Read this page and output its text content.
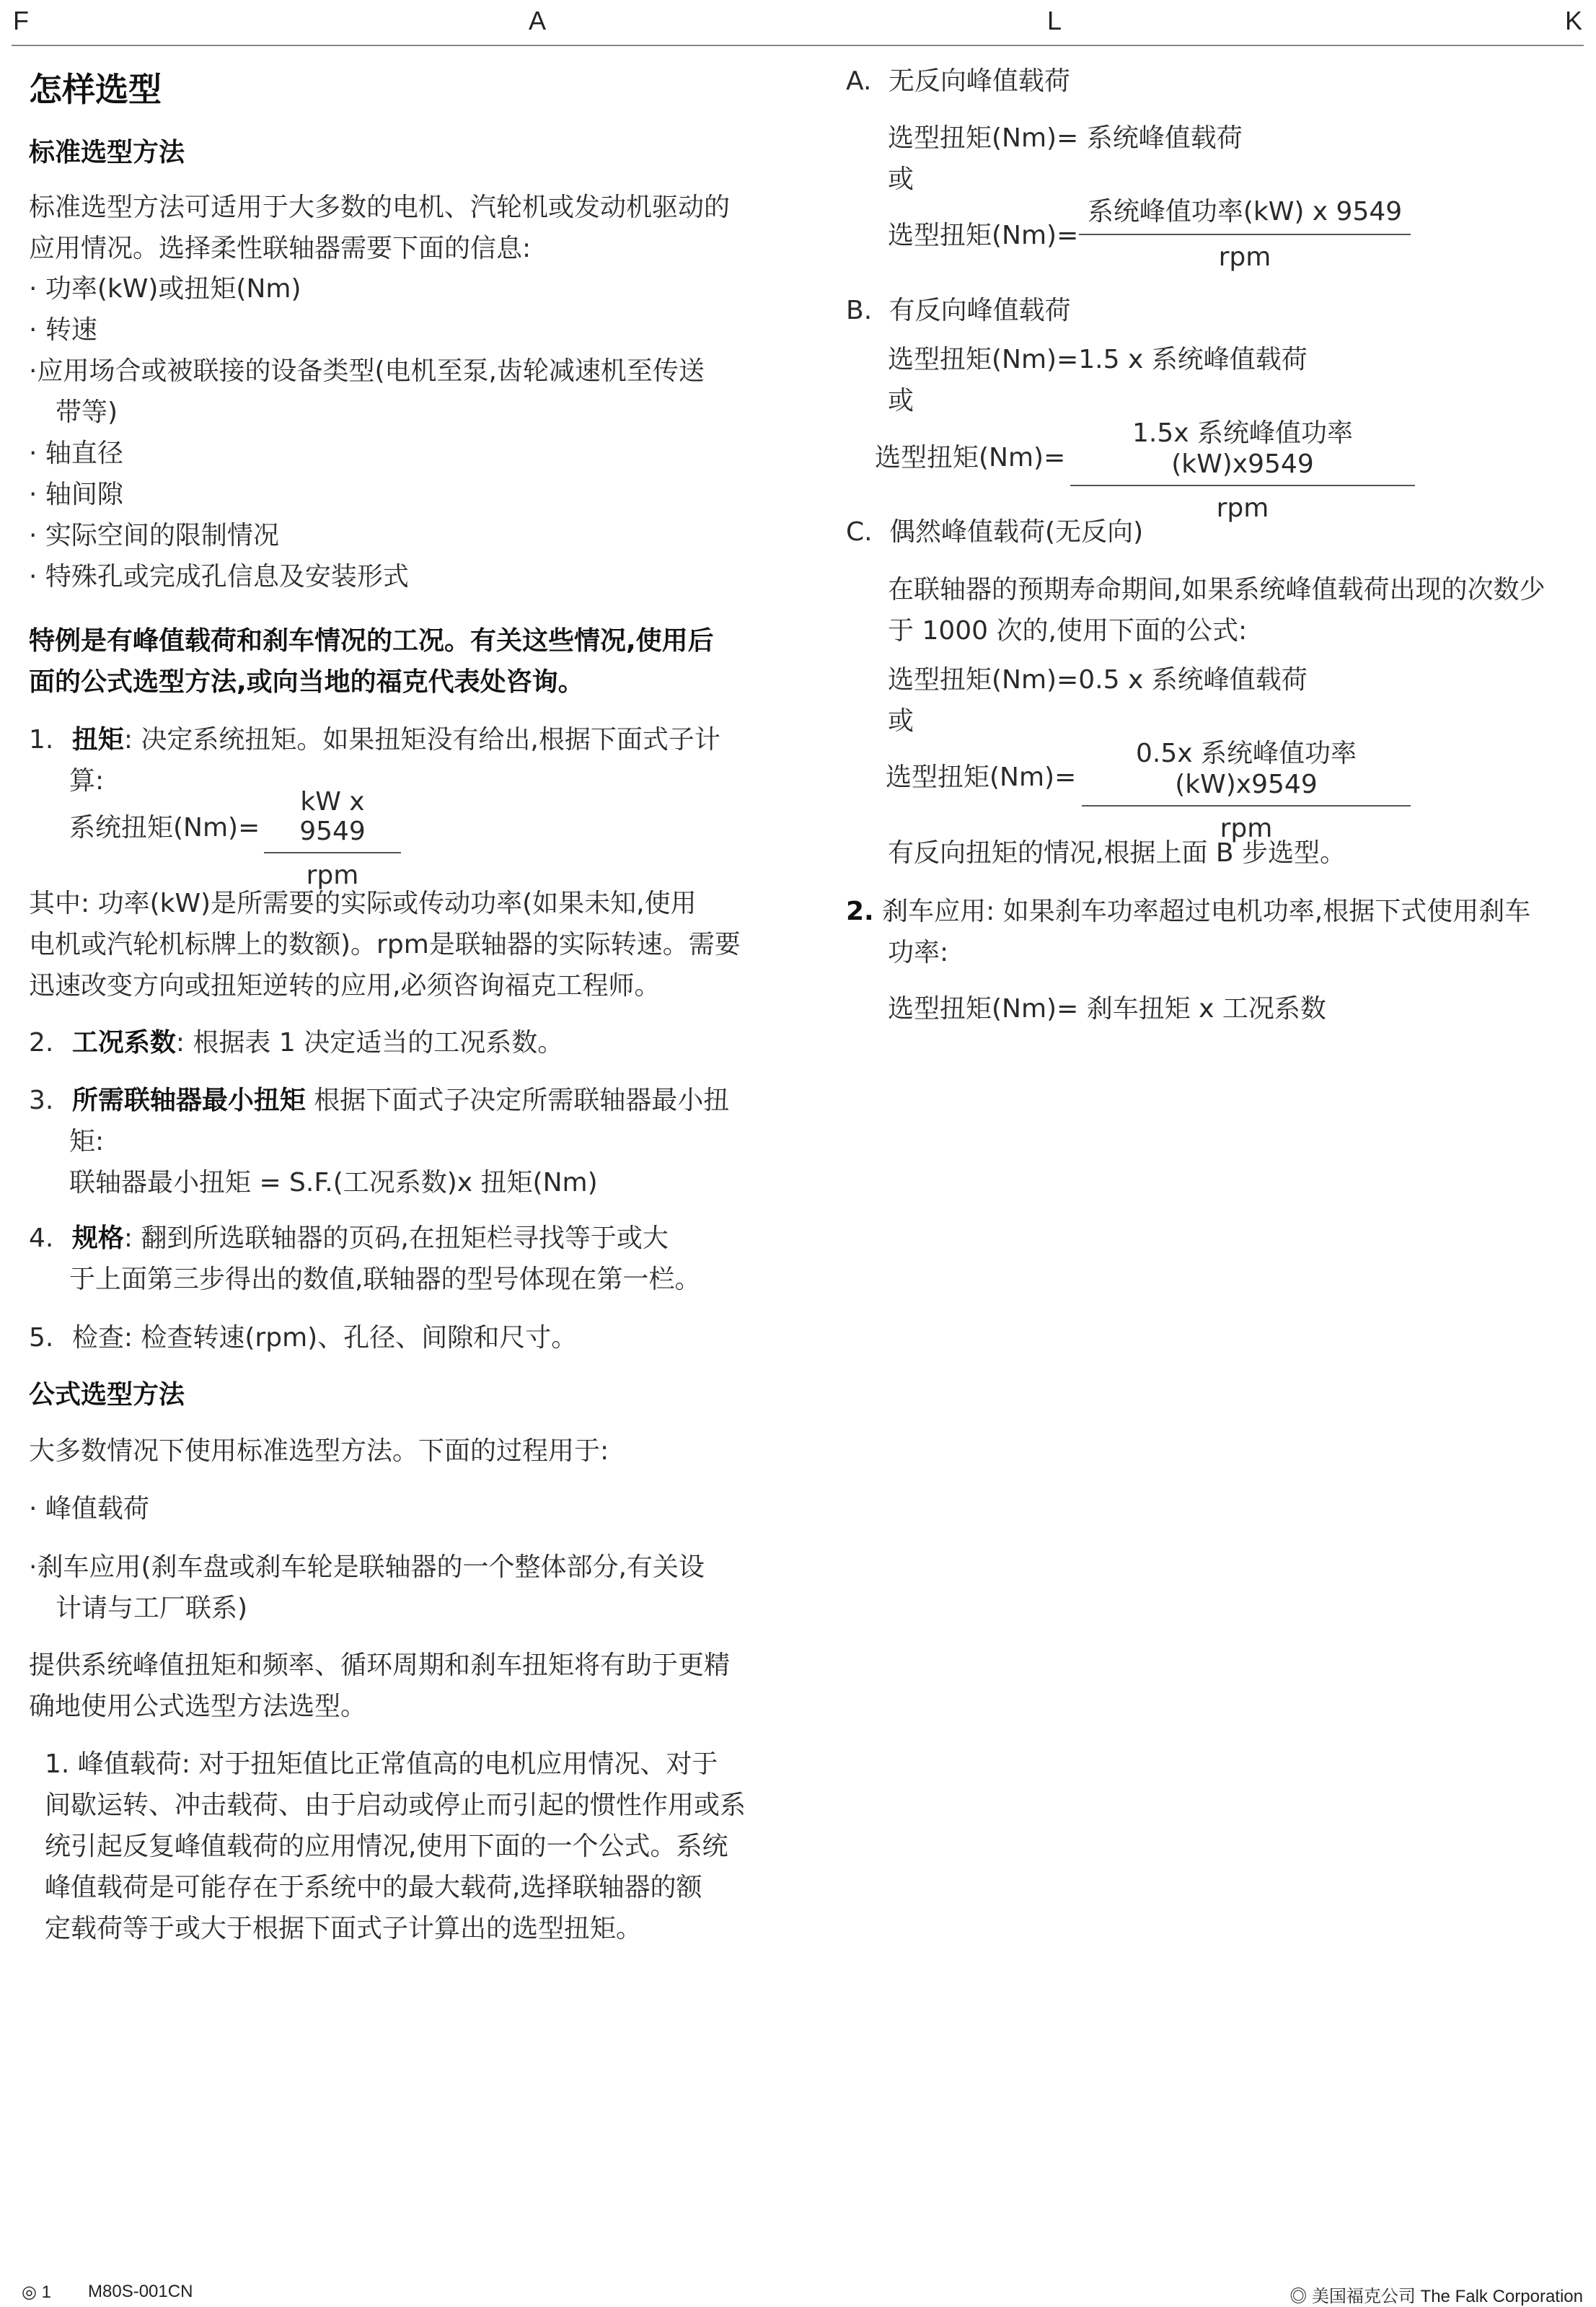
F	A	L	K
怎样选型
标准选型方法

标准选型方法可适用于大多数的电机、汽轮机或发动机驱动的

应用情况。选择柔性联轴器需要下面的信息:

· 功率(kW)或扭矩(Nm)

· 转速

·应用场合或被联接的设备类型(电机至泵,齿轮减速机至传送

带等)

· 轴直径

· 轴间隙

· 实际空间的限制情况

· 特殊孔或完成孔信息及安装形式

特例是有峰值载荷和刹车情况的工况。有关这些情况,使用后

面的公式选型方法,或向当地的福克代表处咨询。

1. 扭矩: 决定系统扭矩。如果扭矩没有给出,根据下面式子计

算:

系统扭矩(Nm)=
kW x 9549
rpm

其中: 功率(kW)是所需要的实际或传动功率(如果未知,使用

电机或汽轮机标牌上的数额)。rpm是联轴器的实际转速。需要

迅速改变方向或扭矩逆转的应用,必须咨询福克工程师。

2. 工况系数: 根据表 1 决定适当的工况系数。

3. 所需联轴器最小扭矩 根据下面式子决定所需联轴器最小扭

矩:

联轴器最小扭矩 = S.F.(工况系数)x 扭矩(Nm)

4. 规格: 翻到所选联轴器的页码,在扭矩栏寻找等于或大

于上面第三步得出的数值,联轴器的型号体现在第一栏。

5. 检查: 检查转速(rpm)、孔径、间隙和尺寸。
公式选型方法
大多数情况下使用标准选型方法。下面的过程用于:
· 峰值载荷

·刹车应用(刹车盘或刹车轮是联轴器的一个整体部分,有关设

计请与工厂联系)

提供系统峰值扭矩和频率、循环周期和刹车扭矩将有助于更精

确地使用公式选型方法选型。

1. 峰值载荷: 对于扭矩值比正常值高的电机应用情况、对于

间歇运转、冲击载荷、由于启动或停止而引起的惯性作用或系

统引起反复峰值载荷的应用情况,使用下面的一个公式。系统

峰值载荷是可能存在于系统中的最大载荷,选择联轴器的额

定载荷等于或大于根据下面式子计算出的选型扭矩。

A. 无反向峰值载荷
选型扭矩(Nm)= 系统峰值载荷
或
选型扭矩(Nm)=
系统峰值功率(kW) x 9549
rpm
B. 有反向峰值载荷
选型扭矩(Nm)=1.5 x 系统峰值载荷
或
选型扭矩(Nm)=
1.5x 系统峰值功率(kW)x9549
rpm
C. 偶然峰值载荷(无反向)

在联轴器的预期寿命期间,如果系统峰值载荷出现的次数少

于 1000 次的,使用下面的公式:

选型扭矩(Nm)=0.5 x 系统峰值载荷
或
选型扭矩(Nm)=
0.5x 系统峰值功率(kW)x9549
rpm
有反向扭矩的情况,根据上面 B 步选型。

2. 刹车应用: 如果刹车功率超过电机功率,根据下式使用刹车

功率:

选型扭矩(Nm)= 刹车扭矩 x 工况系数
◎ 1 M80S-001CN	◎ 美国福克公司 The Falk Corporation
